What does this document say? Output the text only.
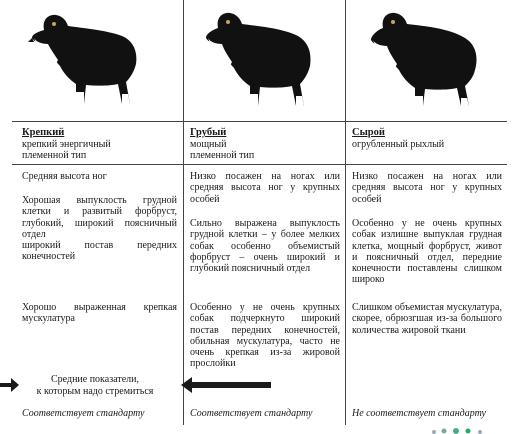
Крепкий
крепкий энергичный
племенной тип
Грубый
мощный
племенной тип
Сырой
огрубленный рыхлый
Средняя высота ног
Хорошая выпуклость грудной клетки и развитый форбруст, глубокий, широкий поясничный отдел
широкий постав передних конечностей
Хорошо выраженная крепкая мускулатура
Низко посажен на ногах или средняя высота ног у крупных особей
Сильно выражена выпуклость грудной клетки – у более мелких собак особенно объемистый форбруст – очень широкий и глубокий поясничный отдел
Особенно у не очень крупных собак подчеркнуто широкий постав передних конечностей, обильная мускулатура, часто не очень крепкая из-за жировой прослойки
Низко посажен на ногах или средняя высота ног у крупных особей
Особенно у не очень крупных собак излишне выпуклая грудная клетка, мощный форбруст, живот и поясничный отдел, передние конечности поставлены слишком широко
Слишком объемистая мускулатура, скорее, обрюзгшая из-за большого количества жировой ткани
Средние показатели,
к которым надо стремиться
Соответствует стандарту	Соответствует стандарту	Не соответствует стандарту
